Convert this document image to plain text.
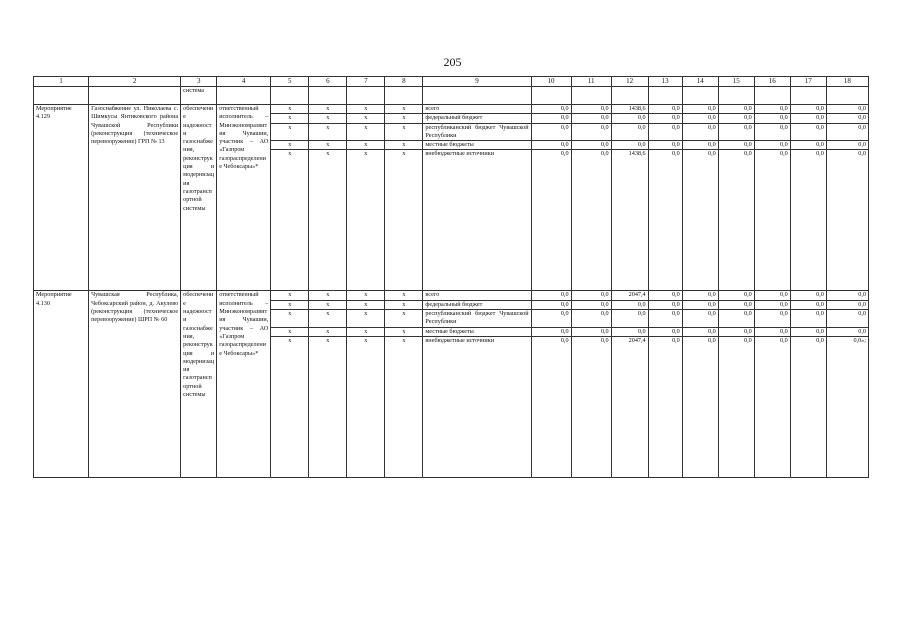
205
1	2	3	4	5	6	7	8	9	10	11	12	13	14	15	16	17	18
		система															
Мероприятие 4.129	Газоснабжение ул. Николаева с. Шимкусы Янтиковского района Чувашской Республики (реконструкция (техническое перевооружение) ГРП № 13	обеспечение надежности газоснабжения, реконструкция и модернизация газотранспортной системы	ответственный исполнитель – Минэкономразвития Чувашии, участник – АО «Газпром газораспределение Чебоксары»*	x	x	x	x	всего	0,0	0,0	1438,6	0,0	0,0	0,0	0,0	0,0	0,0
				x	x	x	x	федеральный бюджет	0,0	0,0	0,0	0,0	0,0	0,0	0,0	0,0	0,0
				x	x	x	x	республиканский бюджет Чувашской Республики	0,0	0,0	0,0	0,0	0,0	0,0	0,0	0,0	0,0
				x	x	x	x	местные бюджеты	0,0	0,0	0,0	0,0	0,0	0,0	0,0	0,0	0,0
				x	x	x	x	внебюджетные источники	0,0	0,0	1438,6	0,0	0,0	0,0	0,0	0,0	0,0
Мероприятие 4.130	Чувашская Республика, Чебоксарский район, д. Акулево (реконструкция (техническое перевооружение) ШРП № 60	обеспечение надежности газоснабжения, реконструкция и модернизация газотранспортной системы	ответственный исполнитель – Минэкономразвития Чувашии, участник – АО «Газпром газораспределение Чебоксары»*	x	x	x	x	всего	0,0	0,0	2047,4	0,0	0,0	0,0	0,0	0,0	0,0
				x	x	x	x	федеральный бюджет	0,0	0,0	0,0	0,0	0,0	0,0	0,0	0,0	0,0
				x	x	x	x	республиканский бюджет Чувашской Республики	0,0	0,0	0,0	0,0	0,0	0,0	0,0	0,0	0,0
				x	x	x	x	местные бюджеты	0,0	0,0	0,0	0,0	0,0	0,0	0,0	0,0	0,0
				x	x	x	x	внебюджетные источники	0,0	0,0	2047,4	0,0	0,0	0,0	0,0	0,0	0,0»;
